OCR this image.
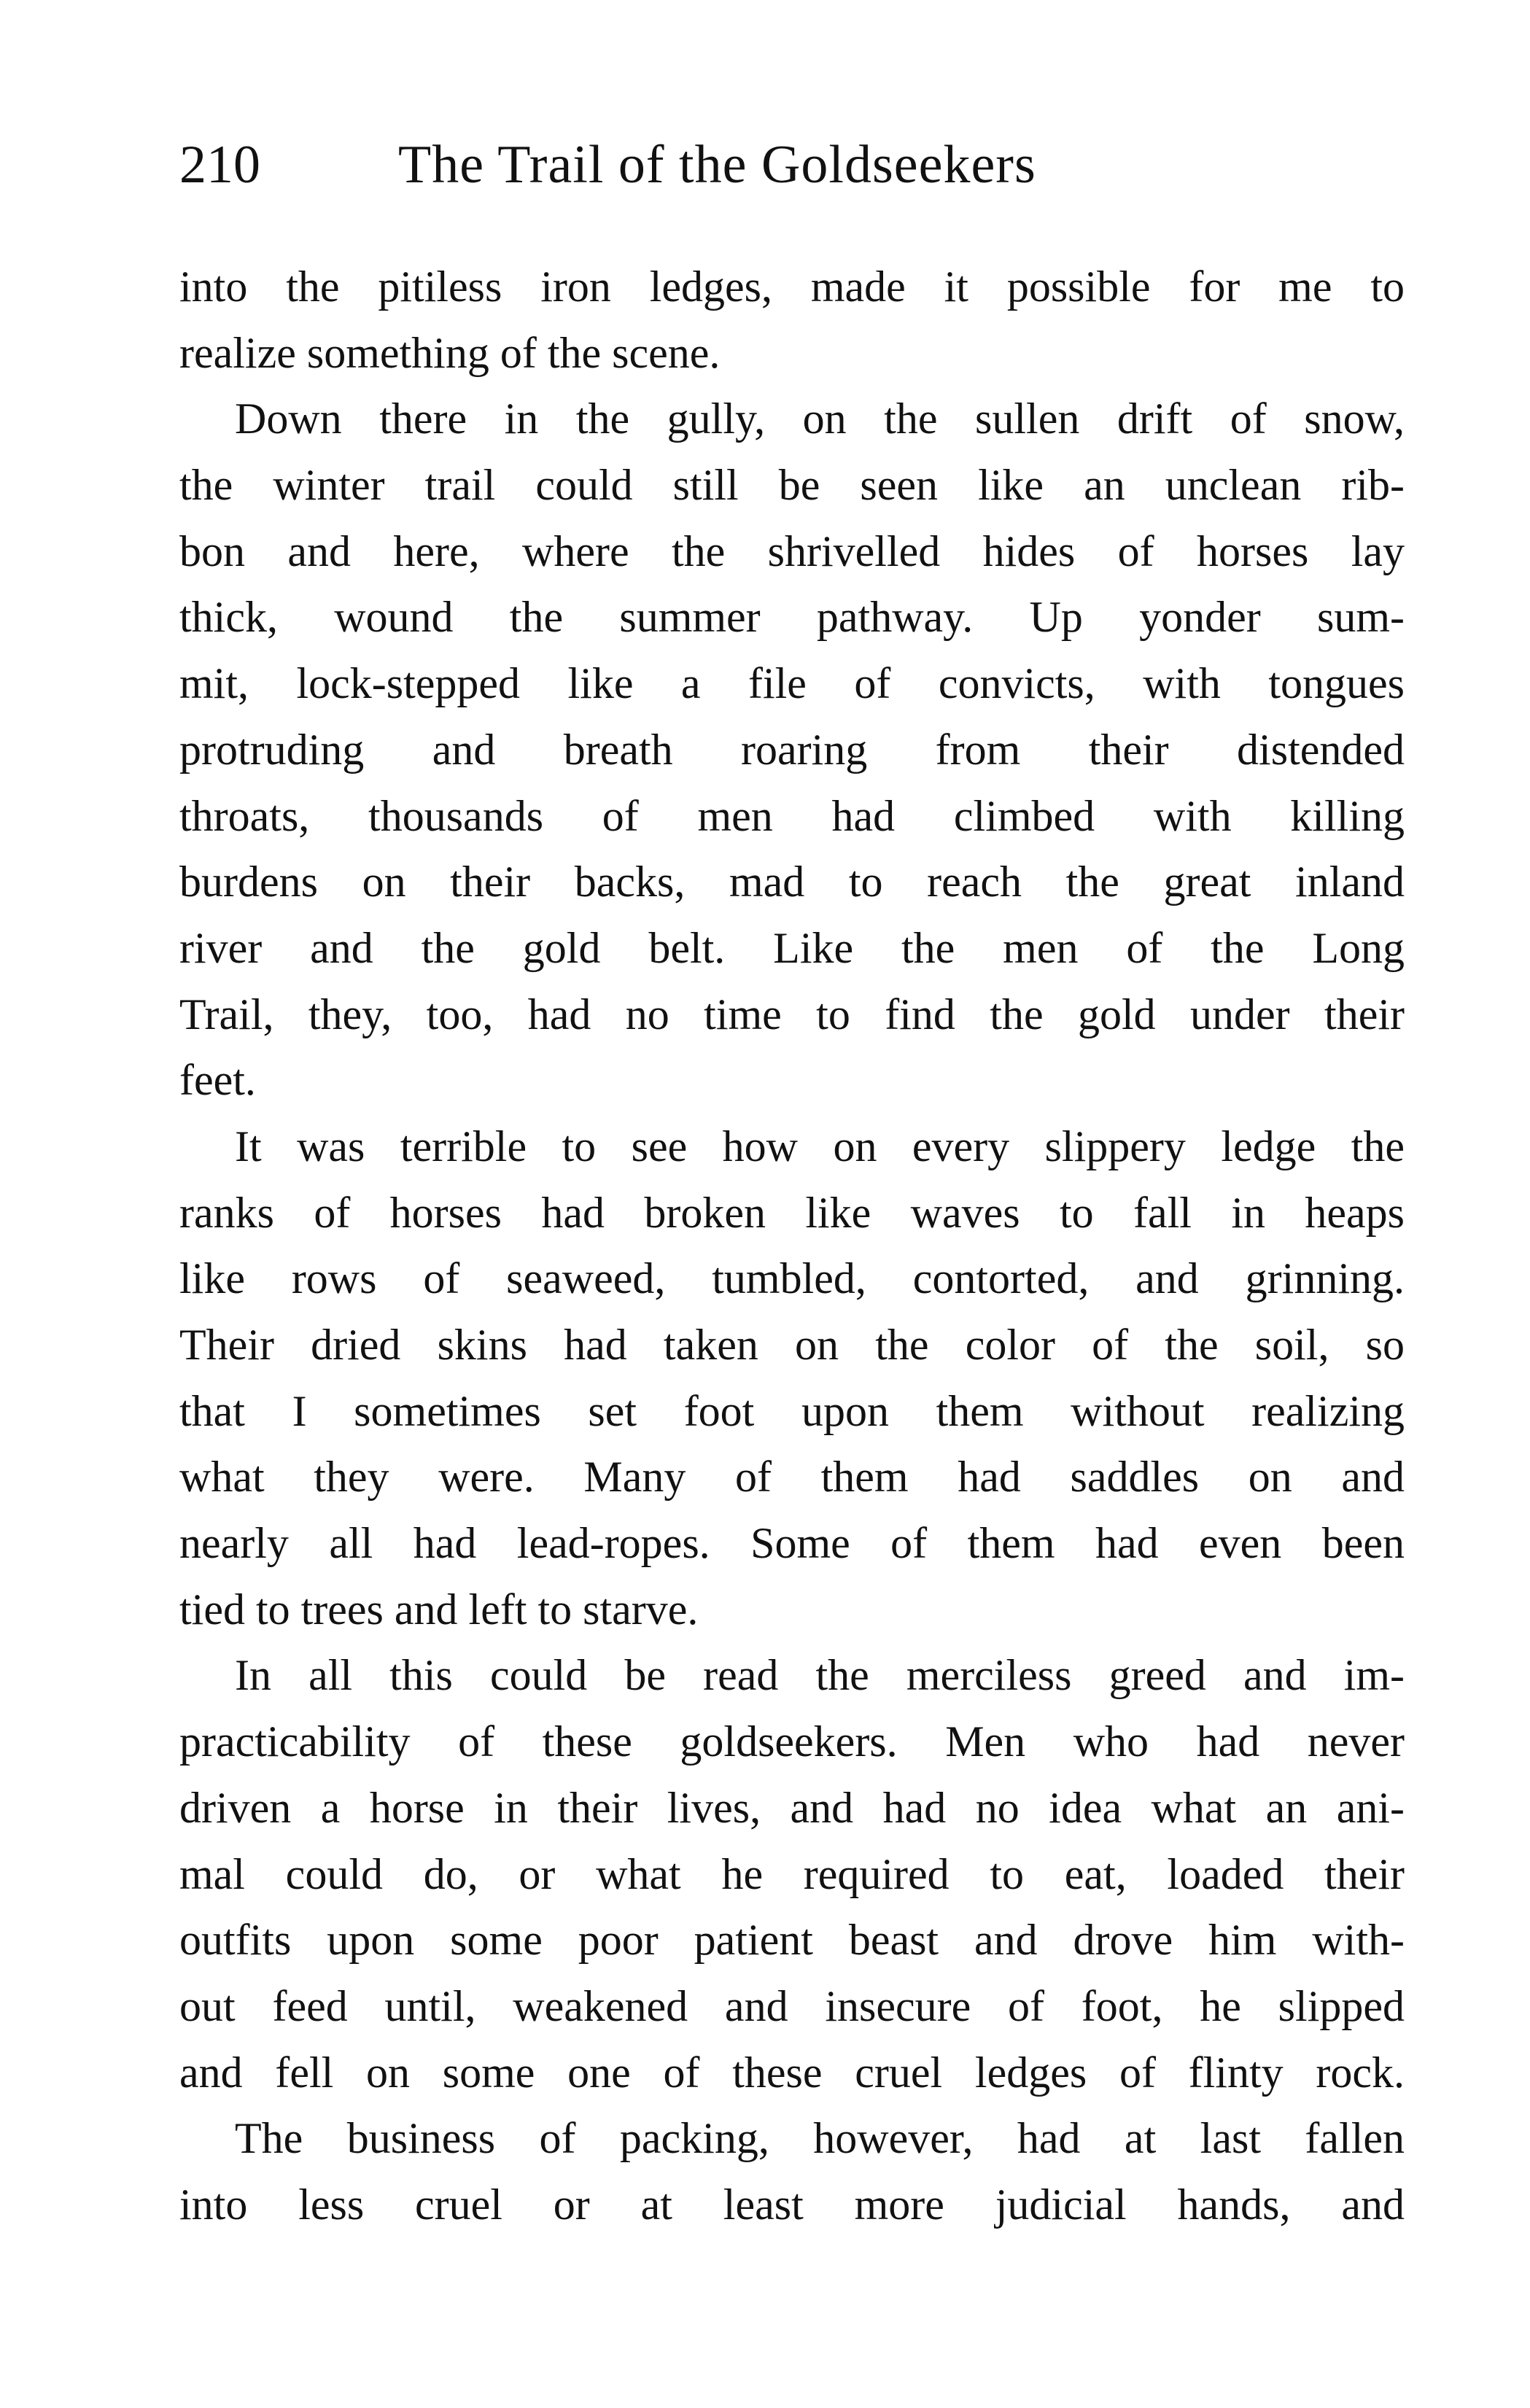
210	The Trail of the Goldseekers
into the pitiless iron ledges, made it possible for me to
realize something of the scene.
Down there in the gully, on the sullen drift of snow,
the winter trail could still be seen like an unclean rib-
bon and here, where the shrivelled hides of horses lay
thick, wound the summer pathway. Up yonder sum-
mit, lock-stepped like a file of convicts, with tongues
protruding and breath roaring from their distended
throats, thousands of men had climbed with killing
burdens on their backs, mad to reach the great inland
river and the gold belt. Like the men of the Long
Trail, they, too, had no time to find the gold under their
feet.
It was terrible to see how on every slippery ledge the
ranks of horses had broken like waves to fall in heaps
like rows of seaweed, tumbled, contorted, and grinning.
Their dried skins had taken on the color of the soil, so
that I sometimes set foot upon them without realizing
what they were. Many of them had saddles on and
nearly all had lead-ropes. Some of them had even been
tied to trees and left to starve.
In all this could be read the merciless greed and im-
practicability of these goldseekers. Men who had never
driven a horse in their lives, and had no idea what an ani-
mal could do, or what he required to eat, loaded their
outfits upon some poor patient beast and drove him with-
out feed until, weakened and insecure of foot, he slipped
and fell on some one of these cruel ledges of flinty rock.
The business of packing, however, had at last fallen
into less cruel or at least more judicial hands, and
